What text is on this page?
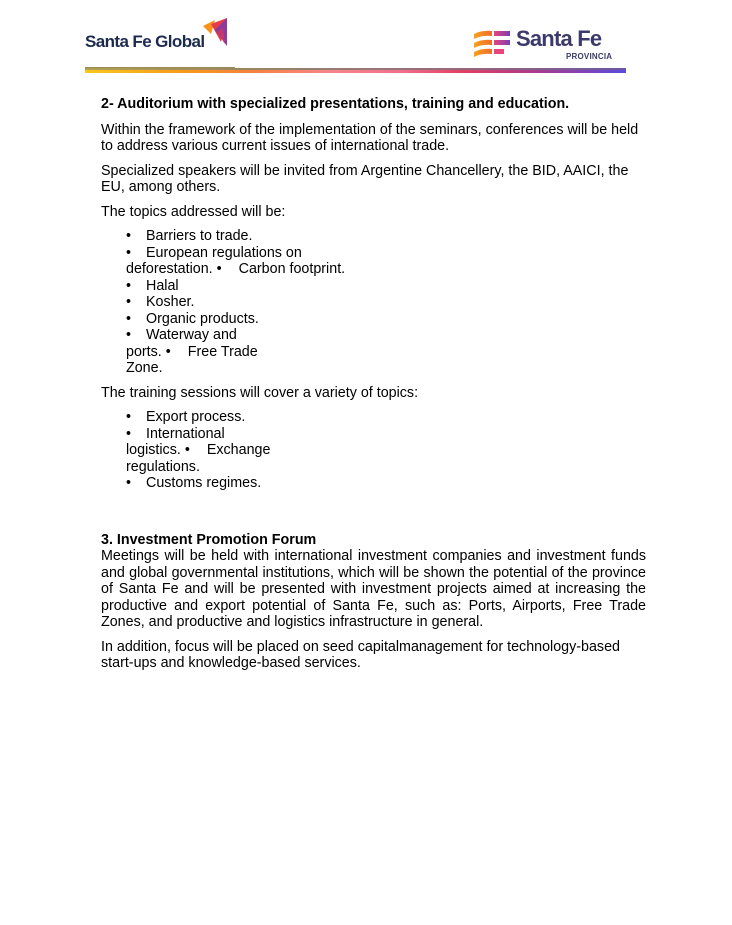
Santa Fe Global	Santa Fe
PROVINCIA

2- Auditorium with specialized presentations, training and education.

Within the framework of the implementation of the seminars, conferences will be held to address various current issues of international trade.

Specialized speakers will be invited from Argentine Chancellery, the BID, AAICI, the EU, among others.

The topics addressed will be:

• Barriers to trade.

• European regulations on

deforestation. • Carbon footprint.

• Halal

• Kosher.

• Organic products.

• Waterway and

ports. • Free Trade

Zone.

The training sessions will cover a variety of topics:

• Export process.

• International

logistics. • Exchange

regulations.

• Customs regimes.

3. Investment Promotion Forum

Meetings will be held with international investment companies and investment funds and global governmental institutions, which will be shown the potential of the province of Santa Fe and will be presented with investment projects aimed at increasing the productive and export potential of Santa Fe, such as: Ports, Airports, Free Trade Zones, and productive and logistics infrastructure in general.

In addition, focus will be placed on seed capitalmanagement for technology-based start-ups and knowledge-based services.
